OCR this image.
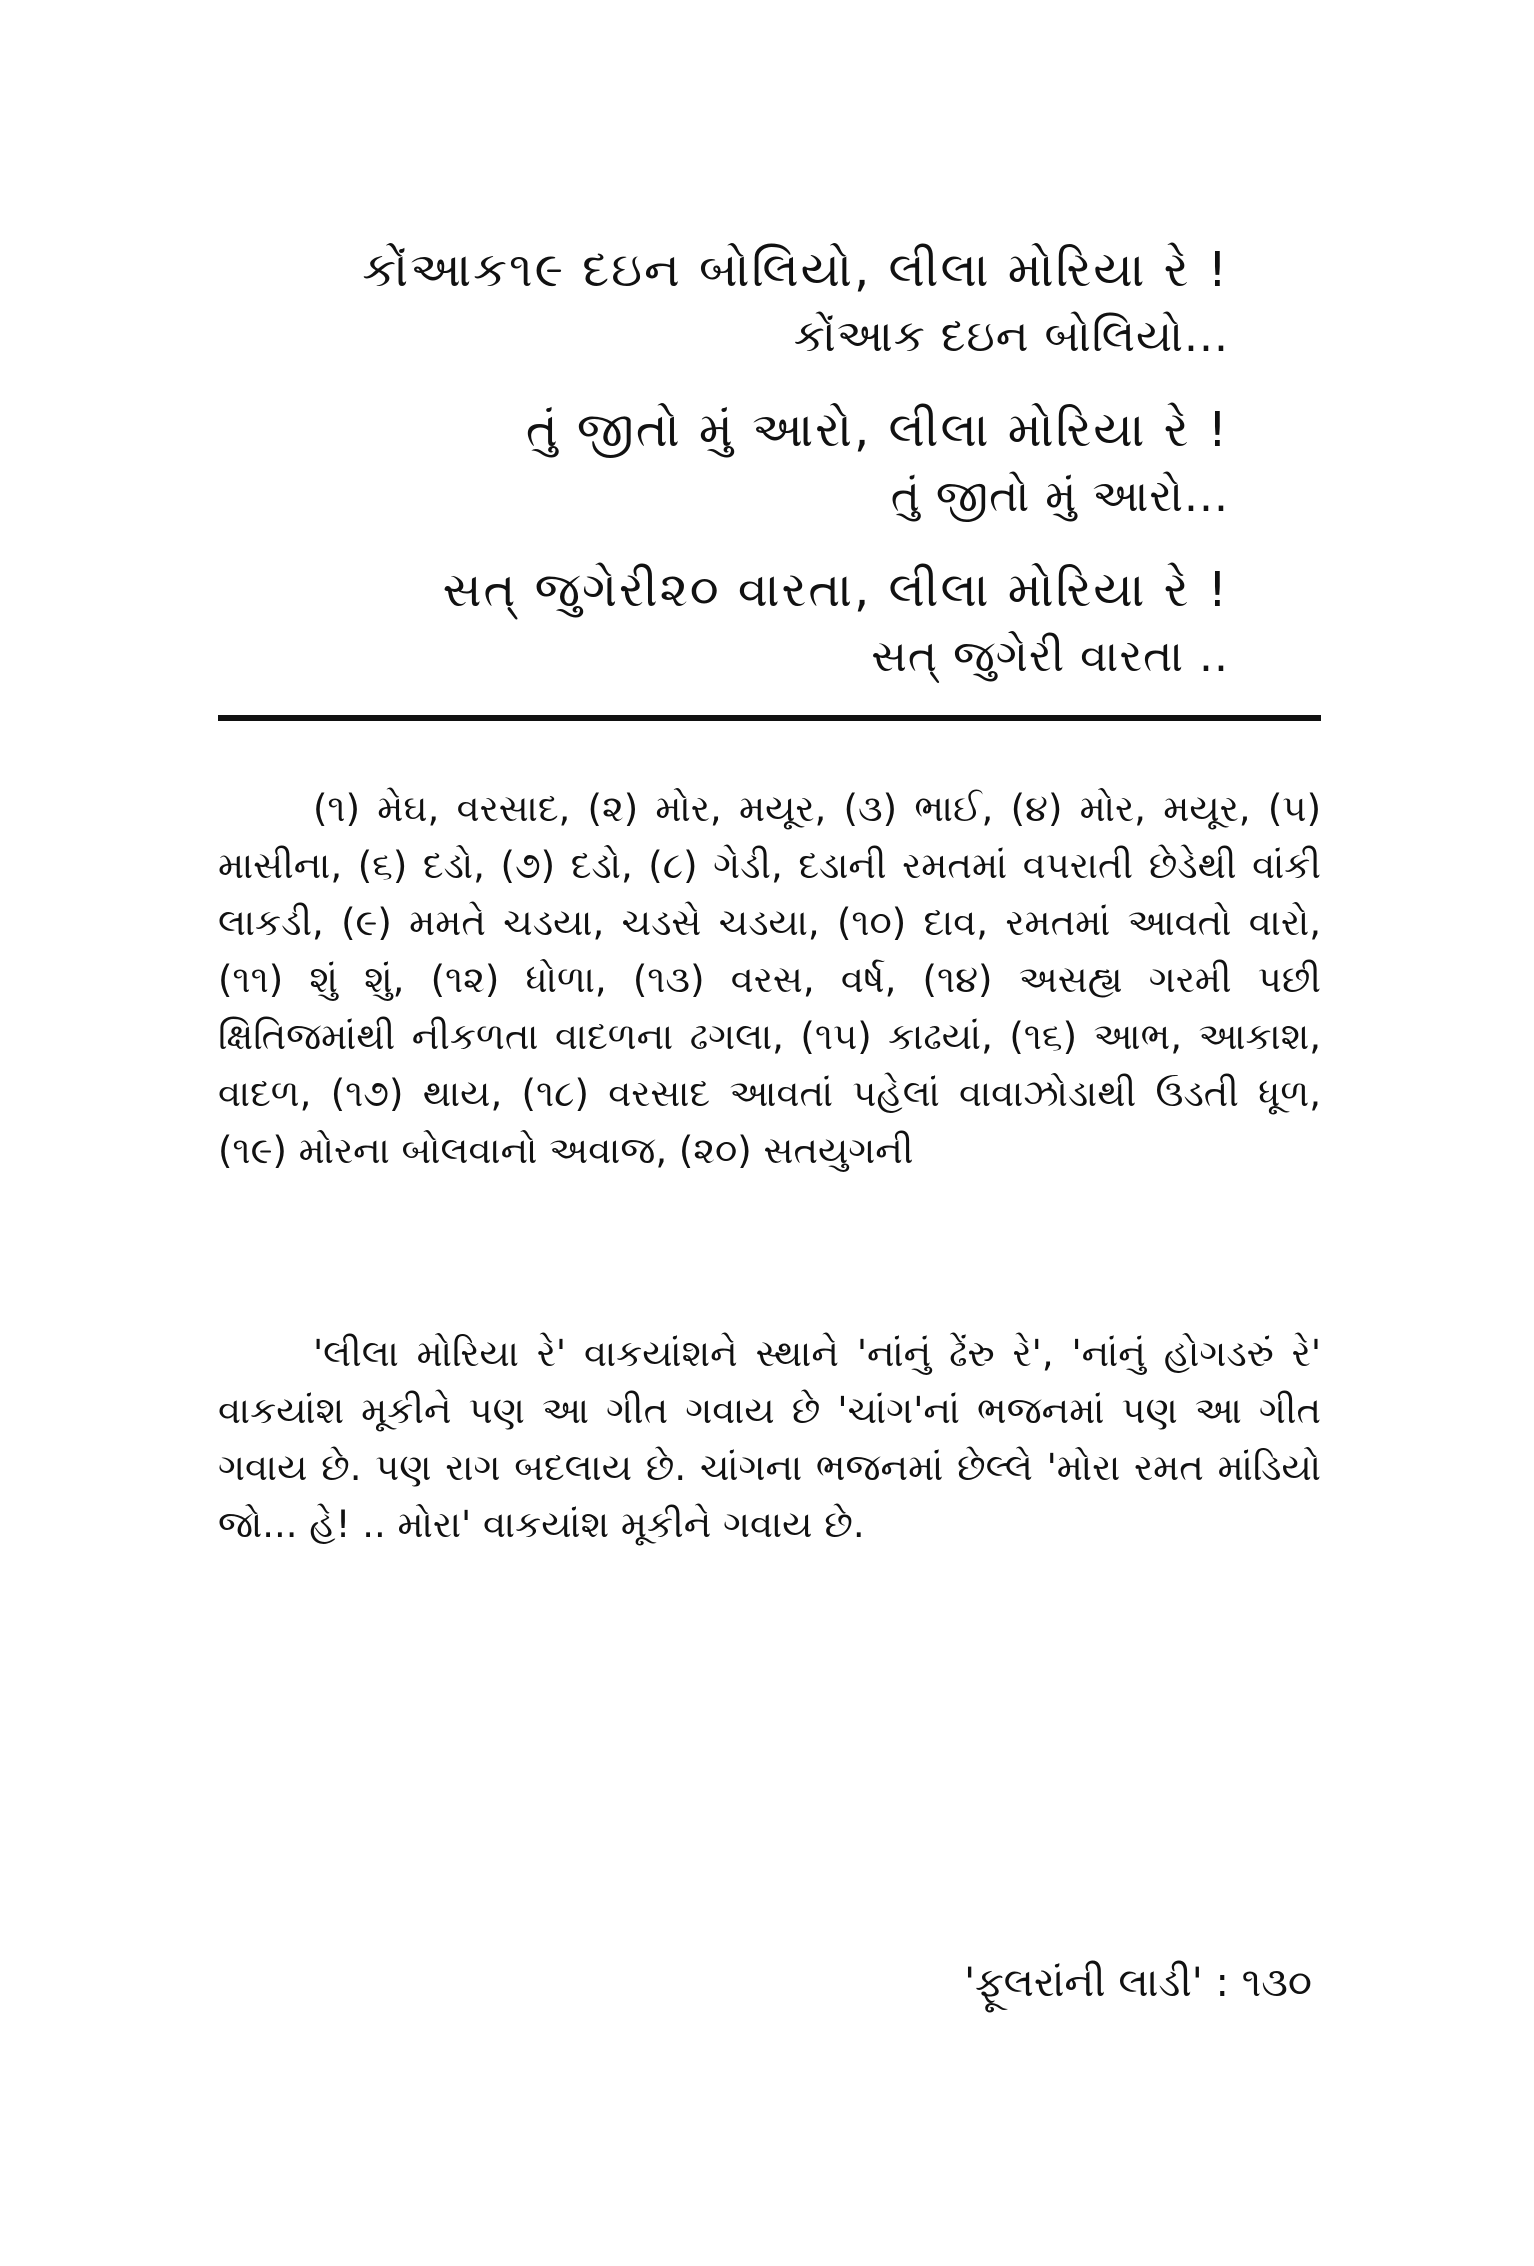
કોંઆક૧૯ દઇન બોલિયો, લીલા મોરિયા રે !
કોંઆક દઇન બોલિયો...
તું જીતો મું આરો, લીલા મોરિયા રે !
તું જીતો મું આરો...
સત્ જુગેરી૨૦ વારતા, લીલા મોરિયા રે !
સત્ જુગેરી વારતા ..
(૧) મેઘ, વરસાદ, (૨) મોર, મયૂર, (૩) ભાઈ, (૪) મોર, મયૂર, (૫) માસીના, (૬) દડો, (૭) દડો, (૮) ગેડી, દડાની રમતમાં વપરાતી છેડેથી વાંકી લાકડી, (૯) મમતે ચડયા, ચડસે ચડયા, (૧૦) દાવ, રમતમાં આવતો વારો, (૧૧) શું શું, (૧૨) ધોળા, (૧૩) વરસ, વર્ષ, (૧૪) અસહ્ય ગરમી પછી ક્ષિતિજમાંથી નીકળતા વાદળના ઢગલા, (૧૫) કાઢયાં, (૧૬) આભ, આકાશ, વાદળ, (૧૭) થાય, (૧૮) વરસાદ આવતાં પહેલાં વાવાઝોડાથી ઉડતી ધૂળ, (૧૯) મોરના બોલવાનો અવાજ, (૨૦) સતયુગની
'લીલા મોરિયા રે' વાકયાંશને સ્થાને 'નાંનું ઢેંરુ રે', 'નાંનું હોગડરું રે' વાકયાંશ મૂકીને પણ આ ગીત ગવાય છે 'ચાંગ'નાં ભજનમાં પણ આ ગીત ગવાય છે. પણ રાગ બદલાય છે. ચાંગના ભજનમાં છેલ્લે 'મોરા રમત માંડિયો જો... હે! .. મોરા' વાકયાંશ મૂકીને ગવાય છે.
'ફૂલરાંની લાડી' : ૧૩૦
